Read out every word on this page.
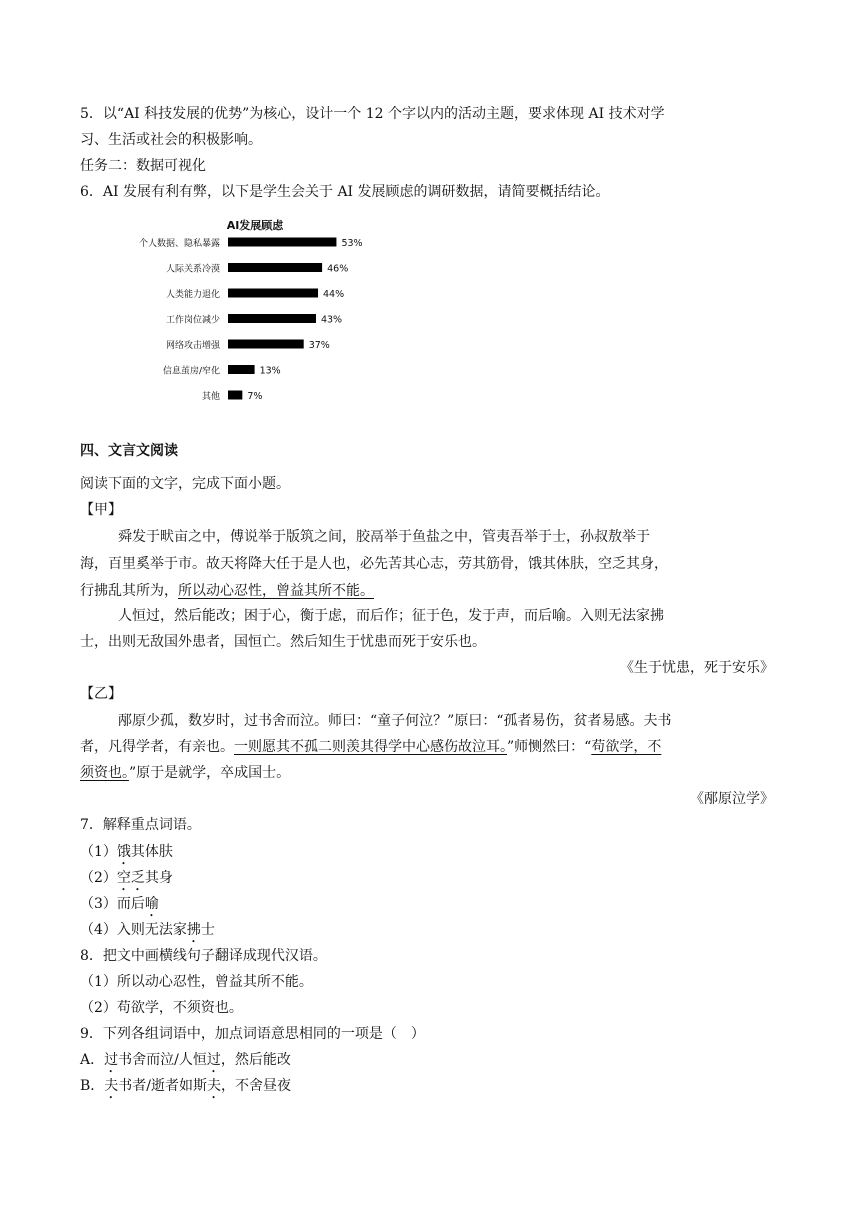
5．以“AI 科技发展的优势”为核心，设计一个 12 个字以内的活动主题，要求体现 AI 技术对学
习、生活或社会的积极影响。
任务二：数据可视化
6．AI 发展有利有弊，以下是学生会关于 AI 发展顾虑的调研数据，请简要概括结论。
AI发展顾虑
个人数据、隐私暴露	53%
人际关系冷漠	46%
人类能力退化	44%
工作岗位减少	43%
网络攻击增强	37%
信息茧房/窄化	13%
其他	7%
四、文言文阅读
阅读下面的文字，完成下面小题。
【甲】
舜发于畎亩之中，傅说举于版筑之间，胶鬲举于鱼盐之中，管夷吾举于士，孙叔敖举于
海，百里奚举于市。故天将降大任于是人也，必先苦其心志，劳其筋骨，饿其体肤，空乏其身，
行拂乱其所为，所以动心忍性，曾益其所不能。
人恒过，然后能改；困于心，衡于虑，而后作；征于色，发于声，而后喻。入则无法家拂
士，出则无敌国外患者，国恒亡。然后知生于忧患而死于安乐也。
《生于忧患，死于安乐》
【乙】
邴原少孤，数岁时，过书舍而泣。师曰：“童子何泣？”原曰：“孤者易伤，贫者易感。夫书
者，凡得学者，有亲也。一则愿其不孤二则羡其得学中心感伤故泣耳。”师恻然曰：“苟欲学，不
须资也。”原于是就学，卒成国士。
《邴原泣学》
7．解释重点词语。
（1）饿其体肤
（2）空乏其身
（3）而后喻
（4）入则无法家拂士
8．把文中画横线句子翻译成现代汉语。
（1）所以动心忍性，曾益其所不能。
（2）苟欲学，不须资也。
9．下列各组词语中，加点词语意思相同的一项是（　）
A．过书舍而泣/人恒过，然后能改
B．夫书者/逝者如斯夫，不舍昼夜
